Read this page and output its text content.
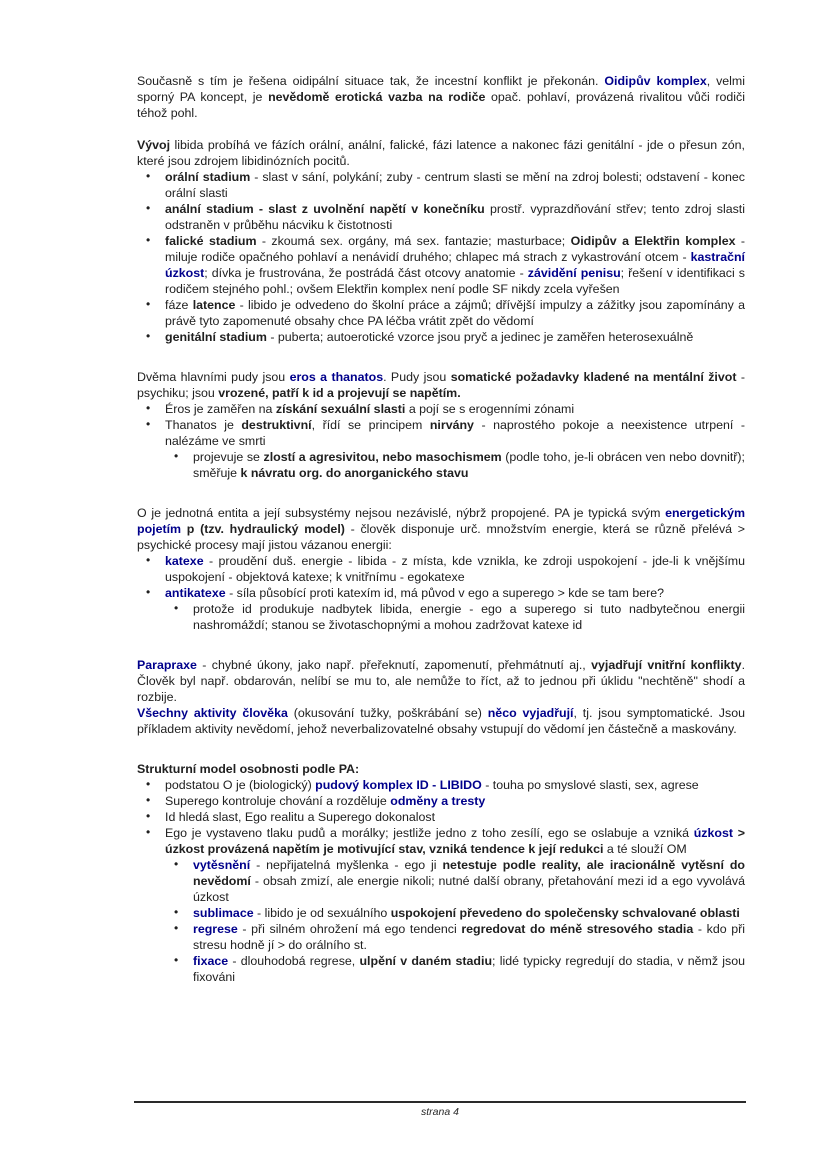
Současně s tím je řešena oidipální situace tak, že incestní konflikt je překonán. Oidipův komplex, velmi sporný PA koncept, je nevědomě erotická vazba na rodiče opač. pohlaví, provázená rivalitou vůči rodiči téhož pohl.
Vývoj libida probíhá ve fázích orální, anální, falické, fázi latence a nakonec fázi genitální - jde o přesun zón, které jsou zdrojem libidinózních pocitů.
• orální stadium - slast v sání, polykání; zuby - centrum slasti se mění na zdroj bolesti; odstavení - konec orální slasti
• anální stadium - slast z uvolnění napětí v konečníku prostř. vyprazdňování střev; tento zdroj slasti odstraněn v průběhu nácviku k čistotnosti
• falické stadium - zkoumá sex. orgány, má sex. fantazie; masturbace; Oidipův a Elektřin komplex - miluje rodiče opačného pohlaví a nenávidí druhého; chlapec má strach z vykastrování otcem - kastrační úzkost; dívka je frustrována, že postrádá část otcovy anatomie - závidění penisu; řešení v identifikaci s rodičem stejného pohl.; ovšem Elektřin komplex není podle SF nikdy zcela vyřešen
• fáze latence - libido je odvedeno do školní práce a zájmů; dřívější impulzy a zážitky jsou zapomínány a právě tyto zapomenuté obsahy chce PA léčba vrátit zpět do vědomí
• genitální stadium - puberta; autoerotické vzorce jsou pryč a jedinec je zaměřen heterosexuálně
Dvěma hlavními pudy jsou eros a thanatos. Pudy jsou somatické požadavky kladené na mentální život - psychiku; jsou vrozené, patří k id a projevují se napětím.
• Éros je zaměřen na získání sexuální slasti a pojí se s erogenními zónami
• Thanatos je destruktivní, řídí se principem nirvány - naprostého pokoje a neexistence utrpení - nalézáme ve smrti
• projevuje se zlostí a agresivitou, nebo masochismem (podle toho, je-li obrácen ven nebo dovnitř); směřuje k návratu org. do anorganického stavu
O je jednotná entita a její subsystémy nejsou nezávislé, nýbrž propojené. PA je typická svým energetickým pojetím p (tzv. hydraulický model) - člověk disponuje urč. množstvím energie, která se různě přelévá > psychické procesy mají jistou vázanou energii:
• katexe - proudění duš. energie - libida - z místa, kde vznikla, ke zdroji uspokojení - jde-li k vnějšímu uspokojení - objektová katexe; k vnitřnímu - egokatexe
• antikatexe - síla působící proti katexím id, má původ v ego a superego > kde se tam bere?
• protože id produkuje nadbytek libida, energie - ego a superego si tuto nadbytečnou energii nashromáždí; stanou se životaschopnými a mohou zadržovat katexe id
Parapraxe - chybné úkony, jako např. přeřeknutí, zapomenutí, přehmátnutí aj., vyjadřují vnitřní konflikty. Člověk byl např. obdarován, nelíbí se mu to, ale nemůže to říct, až to jednou při úklidu "nechtěně" shodí a rozbije.
Všechny aktivity člověka (okusování tužky, poškrábání se) něco vyjadřují, tj. jsou symptomatické. Jsou příkladem aktivity nevědomí, jehož neverbalizovatelné obsahy vstupují do vědomí jen částečně a maskovány.
Strukturní model osobnosti podle PA:
• podstatou O je (biologický) pudový komplex ID - LIBIDO - touha po smyslové slasti, sex, agrese
• Superego kontroluje chování a rozděluje odměny a tresty
• Id hledá slast, Ego realitu a Superego dokonalost
• Ego je vystaveno tlaku pudů a morálky; jestliže jedno z toho zesílí, ego se oslabuje a vzniká úzkost > úzkost provázená napětím je motivující stav, vzniká tendence k její redukci a té slouží OM
• vytěsnění - nepřijatelná myšlenka - ego ji netestuje podle reality, ale iracionálně vytěsní do nevědomí - obsah zmizí, ale energie nikoli; nutné další obrany, přetahování mezi id a ego vyvolává úzkost
• sublimace - libido je od sexuálního uspokojení převedeno do společensky schvalované oblasti
• regrese - při silném ohrožení má ego tendenci regredovat do méně stresového stadia - kdo při stresu hodně jí > do orálního st.
• fixace - dlouhodobá regrese, ulpění v daném stadiu; lidé typicky regredují do stadia, v němž jsou fixováni
strana 4
